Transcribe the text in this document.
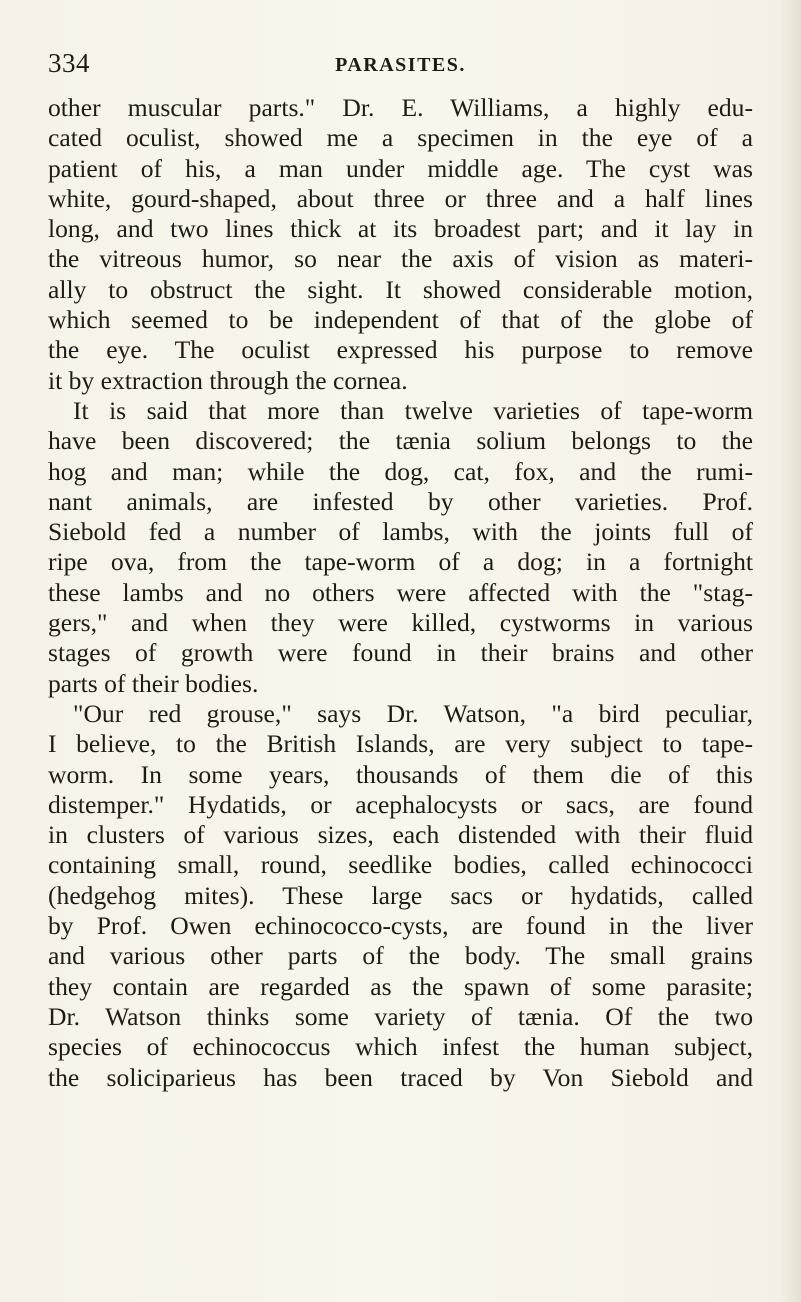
334	PARASITES.
other muscular parts." Dr. E. Williams, a highly edu-
cated oculist, showed me a specimen in the eye of a
patient of his, a man under middle age. The cyst was
white, gourd-shaped, about three or three and a half lines
long, and two lines thick at its broadest part; and it lay in
the vitreous humor, so near the axis of vision as materi-
ally to obstruct the sight. It showed considerable motion,
which seemed to be independent of that of the globe of
the eye. The oculist expressed his purpose to remove
it by extraction through the cornea.
It is said that more than twelve varieties of tape-worm
have been discovered; the tænia solium belongs to the
hog and man; while the dog, cat, fox, and the rumi-
nant animals, are infested by other varieties. Prof.
Siebold fed a number of lambs, with the joints full of
ripe ova, from the tape-worm of a dog; in a fortnight
these lambs and no others were affected with the "stag-
gers," and when they were killed, cystworms in various
stages of growth were found in their brains and other
parts of their bodies.
"Our red grouse," says Dr. Watson, "a bird peculiar,
I believe, to the British Islands, are very subject to tape-
worm. In some years, thousands of them die of this
distemper." Hydatids, or acephalocysts or sacs, are found
in clusters of various sizes, each distended with their fluid
containing small, round, seedlike bodies, called echinococci
(hedgehog mites). These large sacs or hydatids, called
by Prof. Owen echinococco-cysts, are found in the liver
and various other parts of the body. The small grains
they contain are regarded as the spawn of some parasite;
Dr. Watson thinks some variety of tænia. Of the two
species of echinococcus which infest the human subject,
the soliciparieus has been traced by Von Siebold and
